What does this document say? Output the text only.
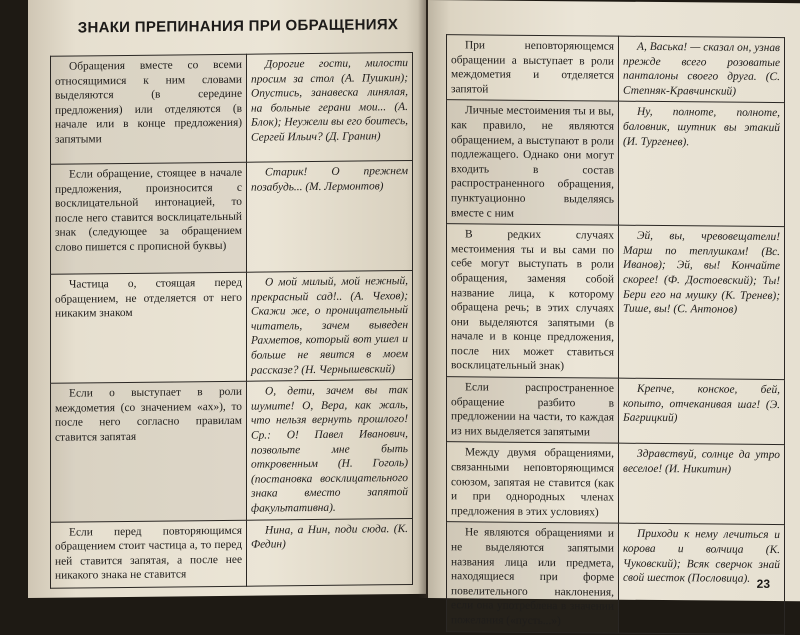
ЗНАКИ ПРЕПИНАНИЯ ПРИ ОБРАЩЕНИЯХ
Обращения вместе со всеми относящимися к ним словами выделяются (в середине предложения) или отделяются (в начале или в конце предложения) запятыми	Дорогие гости, милости просим за стол (А. Пушкин); Опустись, занавеска линялая, на больные герани мои... (А. Блок); Неужели вы его боитесь, Сергей Ильич? (Д. Гранин)
Если обращение, стоящее в начале предложения, произносится с восклицательной интонацией, то после него ставится восклицательный знак (следующее за обращением слово пишется с прописной буквы)	Старик! О прежнем позабудь... (М. Лермонтов)
Частица о, стоящая перед обращением, не отделяется от него никаким знаком	О мой милый, мой нежный, прекрасный сад!.. (А. Чехов); Скажи же, о проницательный читатель, зачем выведен Рахметов, который вот ушел и больше не явится в моем рассказе? (Н. Чернышевский)
Если о выступает в роли междометия (со значением «ах»), то после него согласно правилам ставится запятая	О, дети, зачем вы так шумите! О, Вера, как жаль, что нельзя вернуть прошлого! Ср.: О! Павел Иванович, позвольте мне быть откровенным (Н. Гоголь) (постановка восклицательного знака вместо запятой факультативна).
Если перед повторяющимся обращением стоит частица а, то перед ней ставится запятая, а после нее никакого знака не ставится	Нина, а Нин, поди сюда. (К. Федин)
При неповторяющемся обращении а выступает в роли междометия и отделяется запятой	А, Васька! — сказал он, узнав прежде всего розоватые панталоны своего друга. (С. Степняк-Кравчинский)
Личные местоимения ты и вы, как правило, не являются обращением, а выступают в роли подлежащего. Однако они могут входить в состав распространенного обращения, пунктуационно выделяясь вместе с ним	Ну, полноте, полноте, баловник, шутник вы этакий (И. Тургенев).
В редких случаях местоимения ты и вы сами по себе могут выступать в роли обращения, заменяя собой название лица, к которому обращена речь; в этих случаях они выделяются запятыми (в начале и в конце предложения, после них может ставиться восклицательный знак)	Эй, вы, чревовещатели! Марш по теплушкам! (Вс. Иванов); Эй, вы! Кончайте скорее! (Ф. Достоевский); Ты! Бери его на мушку (К. Тренев); Тише, вы! (С. Антонов)
Если распространенное обращение разбито в предложении на части, то каждая из них выделяется запятыми	Крепче, конское, бей, копыто, отчеканивая шаг! (Э. Багрицкий)
Между двумя обращениями, связанными неповторяющимся союзом, запятая не ставится (как и при однородных членах предложения в этих условиях)	Здравствуй, солнце да утро веселое! (И. Никитин)
Не являются обращениями и не выделяются запятыми названия лица или предмета, находящиеся при форме повелительного наклонения, если она употреблена в значении пожелания («пусть...»)	Приходи к нему лечиться и корова и волчица (К. Чуковский); Всяк сверчок знай свой шесток (Пословица). 23
